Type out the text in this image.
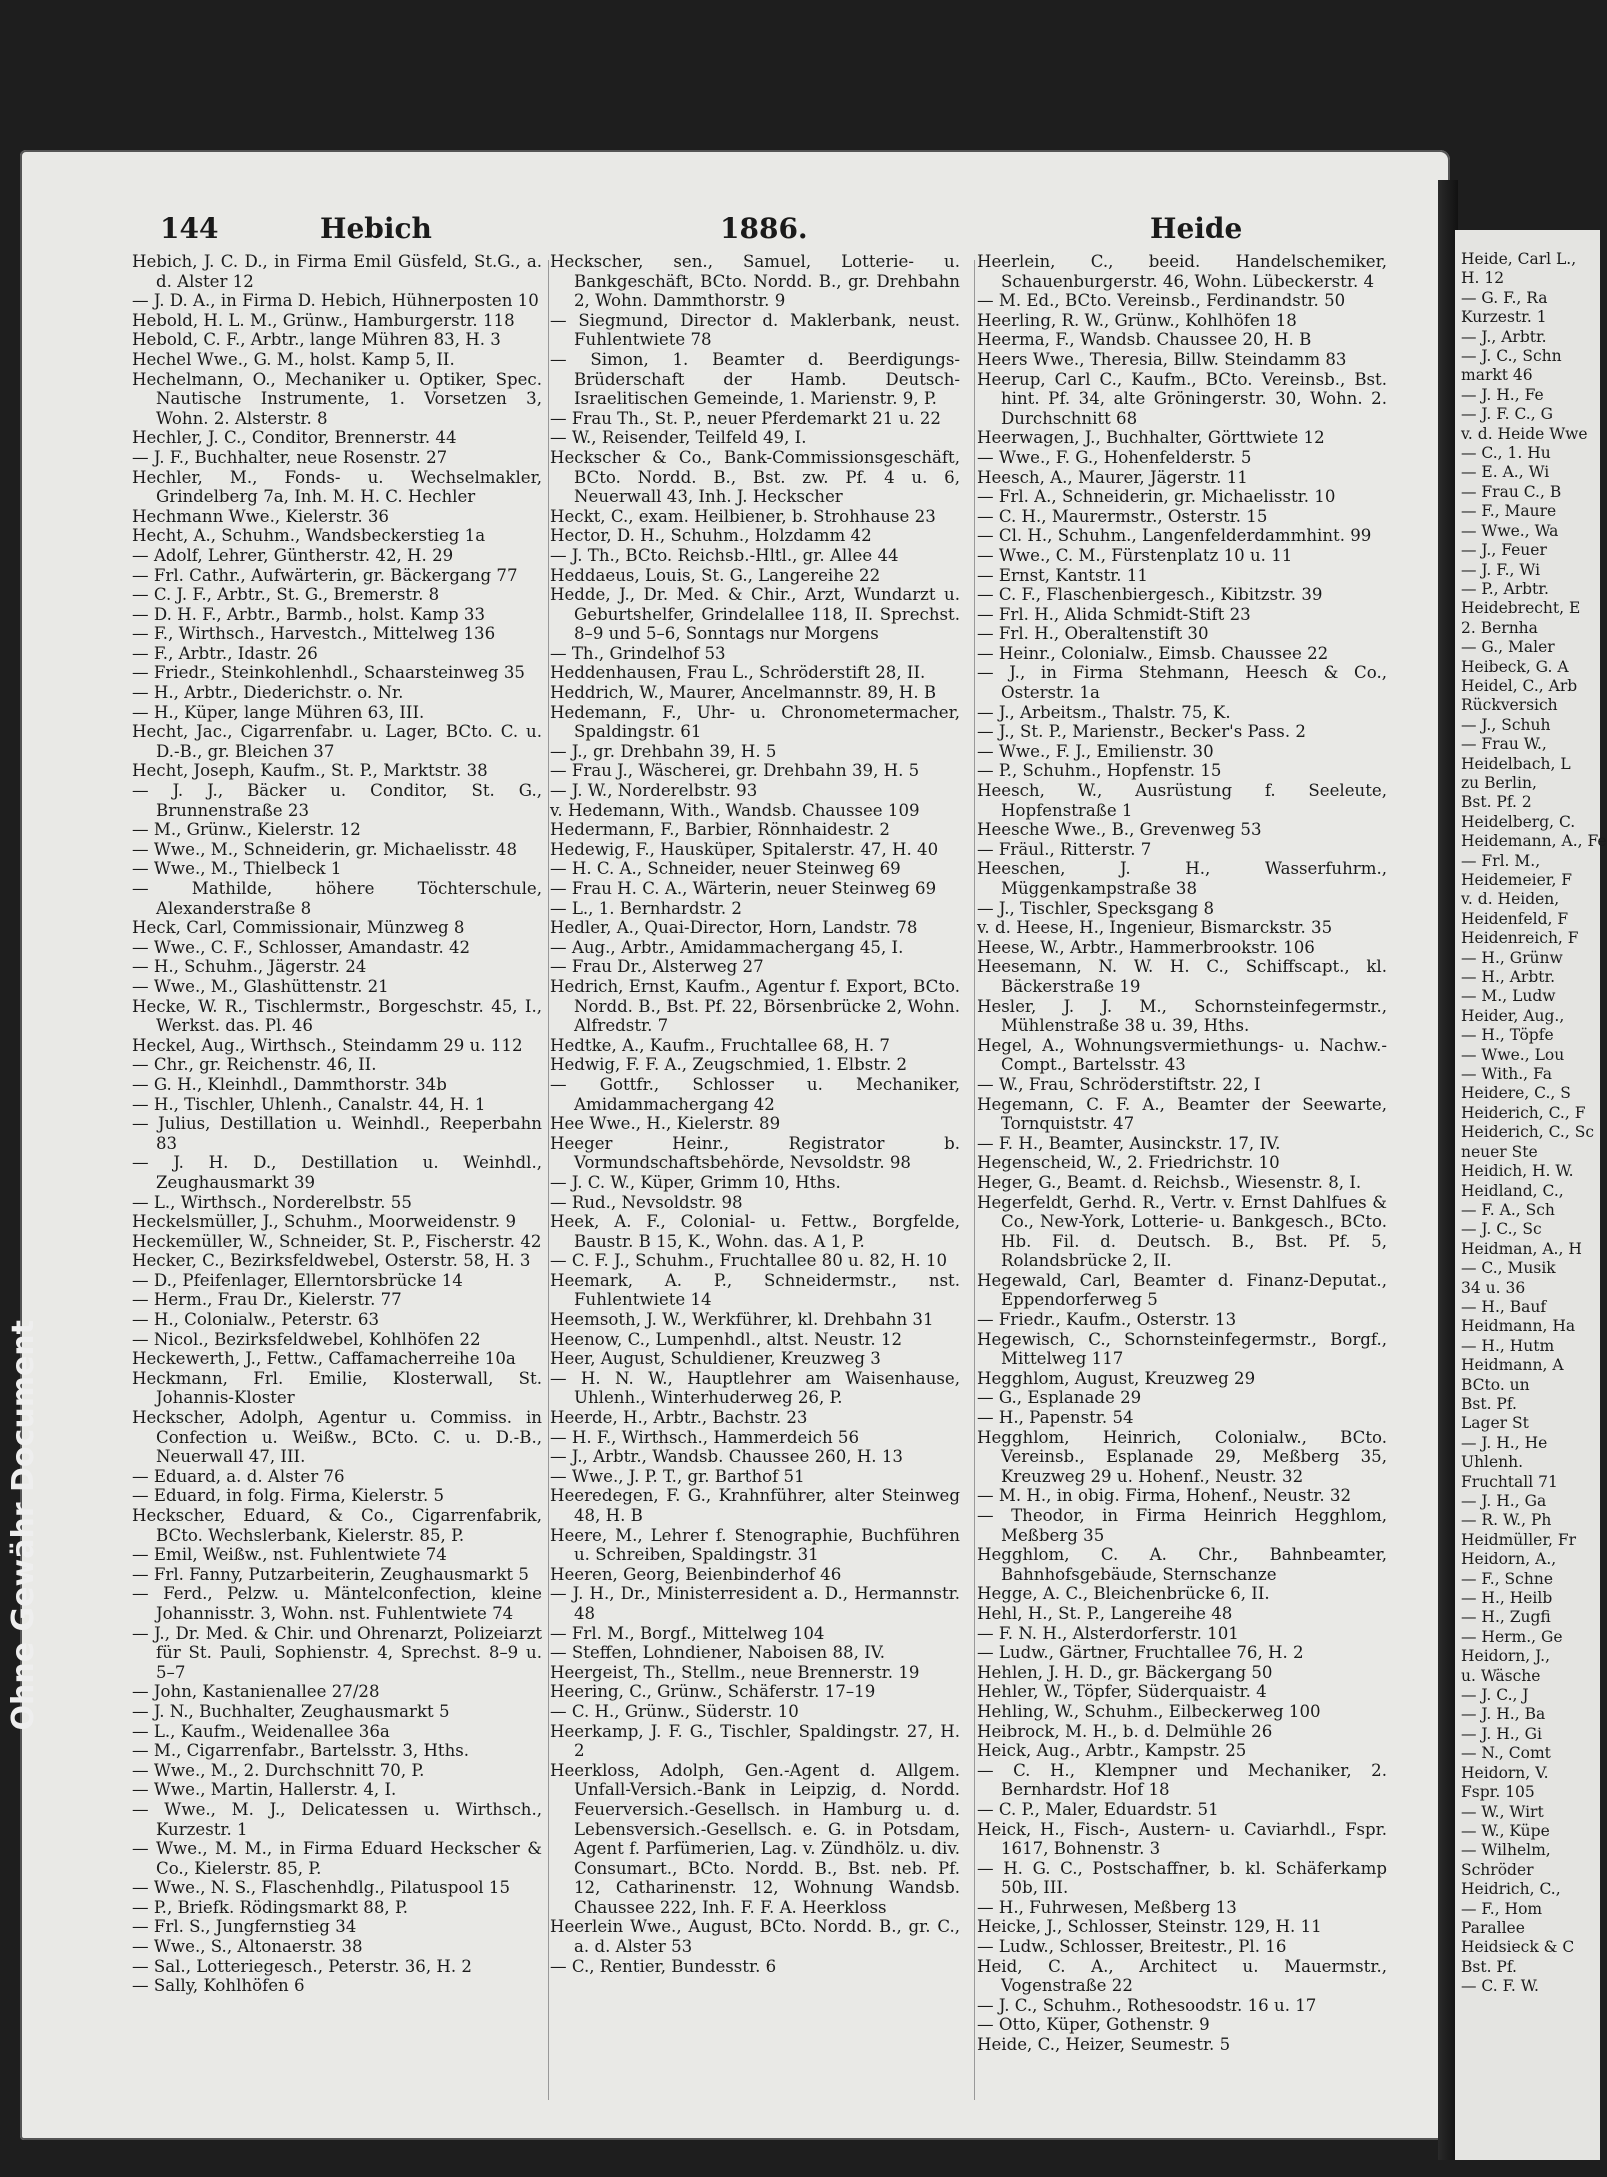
144	Hebich	1886.	Heide
Hebich, J. C. D., in Firma Emil Güsfeld, St.G., a. d. Alster 12
— J. D. A., in Firma D. Hebich, Hühnerposten 10
Hebold, H. L. M., Grünw., Hamburgerstr. 118
Hebold, C. F., Arbtr., lange Mühren 83, H. 3
Hechel Wwe., G. M., holst. Kamp 5, II.
Hechelmann, O., Mechaniker u. Optiker, Spec. Nautische Instrumente, 1. Vorsetzen 3, Wohn. 2. Alsterstr. 8
Hechler, J. C., Conditor, Brennerstr. 44
— J. F., Buchhalter, neue Rosenstr. 27
Hechler, M., Fonds- u. Wechselmakler, Grindelberg 7a, Inh. M. H. C. Hechler
Hechmann Wwe., Kielerstr. 36
Hecht, A., Schuhm., Wandsbeckerstieg 1a
— Adolf, Lehrer, Güntherstr. 42, H. 29
— Frl. Cathr., Aufwärterin, gr. Bäckergang 77
— C. J. F., Arbtr., St. G., Bremerstr. 8
— D. H. F., Arbtr., Barmb., holst. Kamp 33
— F., Wirthsch., Harvestch., Mittelweg 136
— F., Arbtr., Idastr. 26
— Friedr., Steinkohlenhdl., Schaarsteinweg 35
— H., Arbtr., Diederichstr. o. Nr.
— H., Küper, lange Mühren 63, III.
Hecht, Jac., Cigarrenfabr. u. Lager, BCto. C. u. D.-B., gr. Bleichen 37
Hecht, Joseph, Kaufm., St. P., Marktstr. 38
— J. J., Bäcker u. Conditor, St. G., Brunnenstraße 23
— M., Grünw., Kielerstr. 12
— Wwe., M., Schneiderin, gr. Michaelisstr. 48
— Wwe., M., Thielbeck 1
— Mathilde, höhere Töchterschule, Alexanderstraße 8
Heck, Carl, Commissionair, Münzweg 8
— Wwe., C. F., Schlosser, Amandastr. 42
— H., Schuhm., Jägerstr. 24
— Wwe., M., Glashüttenstr. 21
Hecke, W. R., Tischlermstr., Borgeschstr. 45, I., Werkst. das. Pl. 46
Heckel, Aug., Wirthsch., Steindamm 29 u. 112
— Chr., gr. Reichenstr. 46, II.
— G. H., Kleinhdl., Dammthorstr. 34b
— H., Tischler, Uhlenh., Canalstr. 44, H. 1
— Julius, Destillation u. Weinhdl., Reeperbahn 83
— J. H. D., Destillation u. Weinhdl., Zeughausmarkt 39
— L., Wirthsch., Norderelbstr. 55
Heckelsmüller, J., Schuhm., Moorweidenstr. 9
Heckemüller, W., Schneider, St. P., Fischerstr. 42
Hecker, C., Bezirksfeldwebel, Osterstr. 58, H. 3
— D., Pfeifenlager, Ellerntorsbrücke 14
— Herm., Frau Dr., Kielerstr. 77
— H., Colonialw., Peterstr. 63
— Nicol., Bezirksfeldwebel, Kohlhöfen 22
Heckewerth, J., Fettw., Caffamacherreihe 10a
Heckmann, Frl. Emilie, Klosterwall, St. Johannis-Kloster
Heckscher, Adolph, Agentur u. Commiss. in Confection u. Weißw., BCto. C. u. D.-B., Neuerwall 47, III.
— Eduard, a. d. Alster 76
— Eduard, in folg. Firma, Kielerstr. 5
Heckscher, Eduard, & Co., Cigarrenfabrik, BCto. Wechslerbank, Kielerstr. 85, P.
— Emil, Weißw., nst. Fuhlentwiete 74
— Frl. Fanny, Putzarbeiterin, Zeughausmarkt 5
— Ferd., Pelzw. u. Mäntelconfection, kleine Johannisstr. 3, Wohn. nst. Fuhlentwiete 74
— J., Dr. Med. & Chir. und Ohrenarzt, Polizeiarzt für St. Pauli, Sophienstr. 4, Sprechst. 8–9 u. 5–7
— John, Kastanienallee 27/28
— J. N., Buchhalter, Zeughausmarkt 5
— L., Kaufm., Weidenallee 36a
— M., Cigarrenfabr., Bartelsstr. 3, Hths.
— Wwe., M., 2. Durchschnitt 70, P.
— Wwe., Martin, Hallerstr. 4, I.
— Wwe., M. J., Delicatessen u. Wirthsch., Kurzestr. 1
— Wwe., M. M., in Firma Eduard Heckscher & Co., Kielerstr. 85, P.
— Wwe., N. S., Flaschenhdlg., Pilatuspool 15
— P., Briefk. Rödingsmarkt 88, P.
— Frl. S., Jungfernstieg 34
— Wwe., S., Altonaerstr. 38
— Sal., Lotteriegesch., Peterstr. 36, H. 2
— Sally, Kohlhöfen 6
Heckscher, sen., Samuel, Lotterie- u. Bankgeschäft, BCto. Nordd. B., gr. Drehbahn 2, Wohn. Dammthorstr. 9
— Siegmund, Director d. Maklerbank, neust. Fuhlentwiete 78
— Simon, 1. Beamter d. Beerdigungs-Brüderschaft der Hamb. Deutsch-Israelitischen Gemeinde, 1. Marienstr. 9, P.
— Frau Th., St. P., neuer Pferdemarkt 21 u. 22
— W., Reisender, Teilfeld 49, I.
Heckscher & Co., Bank-Commissionsgeschäft, BCto. Nordd. B., Bst. zw. Pf. 4 u. 6, Neuerwall 43, Inh. J. Heckscher
Heckt, C., exam. Heilbiener, b. Strohhause 23
Hector, D. H., Schuhm., Holzdamm 42
— J. Th., BCto. Reichsb.-Hltl., gr. Allee 44
Heddaeus, Louis, St. G., Langereihe 22
Hedde, J., Dr. Med. & Chir., Arzt, Wundarzt u. Geburtshelfer, Grindelallee 118, II. Sprechst. 8–9 und 5–6, Sonntags nur Morgens
— Th., Grindelhof 53
Heddenhausen, Frau L., Schröderstift 28, II.
Heddrich, W., Maurer, Ancelmannstr. 89, H. B
Hedemann, F., Uhr- u. Chronometermacher, Spaldingstr. 61
— J., gr. Drehbahn 39, H. 5
— Frau J., Wäscherei, gr. Drehbahn 39, H. 5
— J. W., Norderelbstr. 93
v. Hedemann, With., Wandsb. Chaussee 109
Hedermann, F., Barbier, Rönnhaidestr. 2
Hedewig, F., Hausküper, Spitalerstr. 47, H. 40
— H. C. A., Schneider, neuer Steinweg 69
— Frau H. C. A., Wärterin, neuer Steinweg 69
— L., 1. Bernhardstr. 2
Hedler, A., Quai-Director, Horn, Landstr. 78
— Aug., Arbtr., Amidammachergang 45, I.
— Frau Dr., Alsterweg 27
Hedrich, Ernst, Kaufm., Agentur f. Export, BCto. Nordd. B., Bst. Pf. 22, Börsenbrücke 2, Wohn. Alfredstr. 7
Hedtke, A., Kaufm., Fruchtallee 68, H. 7
Hedwig, F. F. A., Zeugschmied, 1. Elbstr. 2
— Gottfr., Schlosser u. Mechaniker, Amidammachergang 42
Hee Wwe., H., Kielerstr. 89
Heeger Heinr., Registrator b. Vormundschaftsbehörde, Nevsoldstr. 98
— J. C. W., Küper, Grimm 10, Hths.
— Rud., Nevsoldstr. 98
Heek, A. F., Colonial- u. Fettw., Borgfelde, Baustr. B 15, K., Wohn. das. A 1, P.
— C. F. J., Schuhm., Fruchtallee 80 u. 82, H. 10
Heemark, A. P., Schneidermstr., nst. Fuhlentwiete 14
Heemsoth, J. W., Werkführer, kl. Drehbahn 31
Heenow, C., Lumpenhdl., altst. Neustr. 12
Heer, August, Schuldiener, Kreuzweg 3
— H. N. W., Hauptlehrer am Waisenhause, Uhlenh., Winterhuderweg 26, P.
Heerde, H., Arbtr., Bachstr. 23
— H. F., Wirthsch., Hammerdeich 56
— J., Arbtr., Wandsb. Chaussee 260, H. 13
— Wwe., J. P. T., gr. Barthof 51
Heeredegen, F. G., Krahnführer, alter Steinweg 48, H. B
Heere, M., Lehrer f. Stenographie, Buchführen u. Schreiben, Spaldingstr. 31
Heeren, Georg, Beienbinderhof 46
— J. H., Dr., Ministerresident a. D., Hermannstr. 48
— Frl. M., Borgf., Mittelweg 104
— Steffen, Lohndiener, Naboisen 88, IV.
Heergeist, Th., Stellm., neue Brennerstr. 19
Heering, C., Grünw., Schäferstr. 17–19
— C. H., Grünw., Süderstr. 10
Heerkamp, J. F. G., Tischler, Spaldingstr. 27, H. 2
Heerkloss, Adolph, Gen.-Agent d. Allgem. Unfall-Versich.-Bank in Leipzig, d. Nordd. Feuerversich.-Gesellsch. in Hamburg u. d. Lebensversich.-Gesellsch. e. G. in Potsdam, Agent f. Parfümerien, Lag. v. Zündhölz. u. div. Consumart., BCto. Nordd. B., Bst. neb. Pf. 12, Catharinenstr. 12, Wohnung Wandsb. Chaussee 222, Inh. F. F. A. Heerkloss
Heerlein Wwe., August, BCto. Nordd. B., gr. C., a. d. Alster 53
— C., Rentier, Bundesstr. 6
Heerlein, C., beeid. Handelschemiker, Schauenburgerstr. 46, Wohn. Lübeckerstr. 4
— M. Ed., BCto. Vereinsb., Ferdinandstr. 50
Heerling, R. W., Grünw., Kohlhöfen 18
Heerma, F., Wandsb. Chaussee 20, H. B
Heers Wwe., Theresia, Billw. Steindamm 83
Heerup, Carl C., Kaufm., BCto. Vereinsb., Bst. hint. Pf. 34, alte Gröningerstr. 30, Wohn. 2. Durchschnitt 68
Heerwagen, J., Buchhalter, Görttwiete 12
— Wwe., F. G., Hohenfelderstr. 5
Heesch, A., Maurer, Jägerstr. 11
— Frl. A., Schneiderin, gr. Michaelisstr. 10
— C. H., Maurermstr., Osterstr. 15
— Cl. H., Schuhm., Langenfelderdammhint. 99
— Wwe., C. M., Fürstenplatz 10 u. 11
— Ernst, Kantstr. 11
— C. F., Flaschenbiergesch., Kibitzstr. 39
— Frl. H., Alida Schmidt-Stift 23
— Frl. H., Oberaltenstift 30
— Heinr., Colonialw., Eimsb. Chaussee 22
— J., in Firma Stehmann, Heesch & Co., Osterstr. 1a
— J., Arbeitsm., Thalstr. 75, K.
— J., St. P., Marienstr., Becker's Pass. 2
— Wwe., F. J., Emilienstr. 30
— P., Schuhm., Hopfenstr. 15
Heesch, W., Ausrüstung f. Seeleute, Hopfenstraße 1
Heesche Wwe., B., Grevenweg 53
— Fräul., Ritterstr. 7
Heeschen, J. H., Wasserfuhrm., Müggenkampstraße 38
— J., Tischler, Specksgang 8
v. d. Heese, H., Ingenieur, Bismarckstr. 35
Heese, W., Arbtr., Hammerbrookstr. 106
Heesemann, N. W. H. C., Schiffscapt., kl. Bäckerstraße 19
Hesler, J. J. M., Schornsteinfegermstr., Mühlenstraße 38 u. 39, Hths.
Hegel, A., Wohnungsvermiethungs- u. Nachw.-Compt., Bartelsstr. 43
— W., Frau, Schröderstiftstr. 22, I
Hegemann, C. F. A., Beamter der Seewarte, Tornquiststr. 47
— F. H., Beamter, Ausinckstr. 17, IV.
Hegenscheid, W., 2. Friedrichstr. 10
Heger, G., Beamt. d. Reichsb., Wiesenstr. 8, I.
Hegerfeldt, Gerhd. R., Vertr. v. Ernst Dahlfues & Co., New-York, Lotterie- u. Bankgesch., BCto. Hb. Fil. d. Deutsch. B., Bst. Pf. 5, Rolandsbrücke 2, II.
Hegewald, Carl, Beamter d. Finanz-Deputat., Eppendorferweg 5
— Friedr., Kaufm., Osterstr. 13
Hegewisch, C., Schornsteinfegermstr., Borgf., Mittelweg 117
Hegghlom, August, Kreuzweg 29
— G., Esplanade 29
— H., Papenstr. 54
Hegghlom, Heinrich, Colonialw., BCto. Vereinsb., Esplanade 29, Meßberg 35, Kreuzweg 29 u. Hohenf., Neustr. 32
— M. H., in obig. Firma, Hohenf., Neustr. 32
— Theodor, in Firma Heinrich Hegghlom, Meßberg 35
Hegghlom, C. A. Chr., Bahnbeamter, Bahnhofsgebäude, Sternschanze
Hegge, A. C., Bleichenbrücke 6, II.
Hehl, H., St. P., Langereihe 48
— F. N. H., Alsterdorferstr. 101
— Ludw., Gärtner, Fruchtallee 76, H. 2
Hehlen, J. H. D., gr. Bäckergang 50
Hehler, W., Töpfer, Süderquaistr. 4
Hehling, W., Schuhm., Eilbeckerweg 100
Heibrock, M. H., b. d. Delmühle 26
Heick, Aug., Arbtr., Kampstr. 25
— C. H., Klempner und Mechaniker, 2. Bernhardstr. Hof 18
— C. P., Maler, Eduardstr. 51
Heick, H., Fisch-, Austern- u. Caviarhdl., Fspr. 1617, Bohnenstr. 3
— H. G. C., Postschaffner, b. kl. Schäferkamp 50b, III.
— H., Fuhrwesen, Meßberg 13
Heicke, J., Schlosser, Steinstr. 129, H. 11
— Ludw., Schlosser, Breitestr., Pl. 16
Heid, C. A., Architect u. Mauermstr., Vogenstraße 22
— J. C., Schuhm., Rothesoodstr. 16 u. 17
— Otto, Küper, Gothenstr. 9
Heide, C., Heizer, Seumestr. 5
Heide, Carl L.,
H. 12
— G. F., Ra
Kurzestr. 1
— J., Arbtr.
— J. C., Schn
markt 46
— J. H., Fe
— J. F. C., G
v. d. Heide Wwe
— C., 1. Hu
— E. A., Wi
— Frau C., B
— F., Maure
— Wwe., Wa
— J., Feuer
— J. F., Wi
— P., Arbtr.
Heidebrecht, E
2. Bernha
— G., Maler
Heibeck, G. A
Heidel, C., Arb
Rückversich
— J., Schuh
— Frau W.,
Heidelbach, L
zu Berlin,
Bst. Pf. 2
Heidelberg, C.
Heidemann, A., Fe
— Frl. M.,
Heidemeier, F
v. d. Heiden,
Heidenfeld, F
Heidenreich, F
— H., Grünw
— H., Arbtr.
— M., Ludw
Heider, Aug.,
— H., Töpfe
— Wwe., Lou
— With., Fa
Heidere, C., S
Heiderich, C., F
Heiderich, C., Sc
neuer Ste
Heidich, H. W.
Heidland, C.,
— F. A., Sch
— J. C., Sc
Heidman, A., H
— C., Musik
34 u. 36
— H., Bauf
Heidmann, Ha
— H., Hutm
Heidmann, A
BCto. un
Bst. Pf.
Lager St
— J. H., He
Uhlenh.
Fruchtall 71
— J. H., Ga
— R. W., Ph
Heidmüller, Fr
Heidorn, A.,
— F., Schne
— H., Heilb
— H., Zugfi
— Herm., Ge
Heidorn, J.,
u. Wäsche
— J. C., J
— J. H., Ba
— J. H., Gi
— N., Comt
Heidorn, V.
Fspr. 105
— W., Wirt
— W., Küpe
— Wilhelm,
Schröder
Heidrich, C.,
— F., Hom
Parallee
Heidsieck & C
Bst. Pf.
— C. F. W.
Ohne Gewähr Document
